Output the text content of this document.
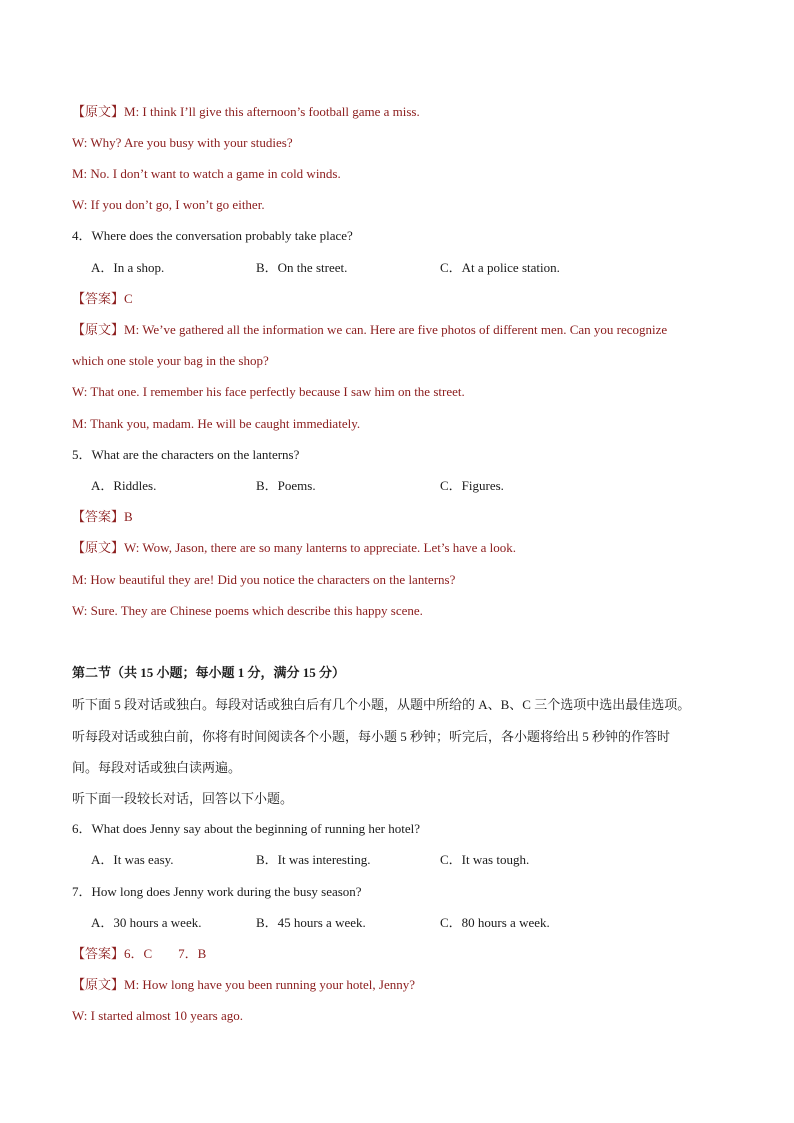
【原文】M: I think I’ll give this afternoon’s football game a miss.
W: Why? Are you busy with your studies?
M: No. I don’t want to watch a game in cold winds.
W: If you don’t go, I won’t go either.
4．Where does the conversation probably take place?
A．In a shop.	B．On the street.	C．At a police station.
【答案】C
【原文】M: We’ve gathered all the information we can. Here are five photos of different men. Can you recognize
which one stole your bag in the shop?
W: That one. I remember his face perfectly because I saw him on the street.
M: Thank you, madam. He will be caught immediately.
5．What are the characters on the lanterns?
A．Riddles.	B．Poems.	C．Figures.
【答案】B
【原文】W: Wow, Jason, there are so many lanterns to appreciate. Let’s have a look.
M: How beautiful they are! Did you notice the characters on the lanterns?
W: Sure. They are Chinese poems which describe this happy scene.
第二节（共 15 小题；每小题 1 分，满分 15 分）
听下面 5 段对话或独白。每段对话或独白后有几个小题，从题中所给的 A、B、C 三个选项中选出最佳选项。
听每段对话或独白前，你将有时间阅读各个小题，每小题 5 秒钟；听完后，各小题将给出 5 秒钟的作答时
间。每段对话或独白读两遍。
听下面一段较长对话，回答以下小题。
6．What does Jenny say about the beginning of running her hotel?
A．It was easy.	B．It was interesting.	C．It was tough.
7．How long does Jenny work during the busy season?
A．30 hours a week.	B．45 hours a week.	C．80 hours a week.
【答案】6．C　　7．B
【原文】M: How long have you been running your hotel, Jenny?
W: I started almost 10 years ago.
